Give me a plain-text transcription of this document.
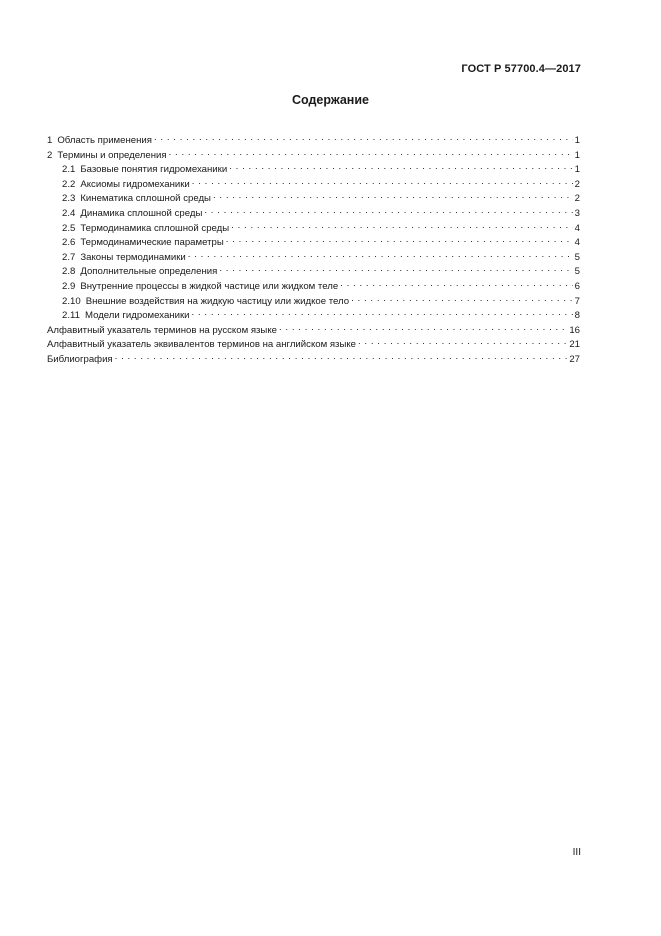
ГОСТ Р 57700.4—2017
Содержание
1 Область применения . . .	1
2 Термины и определения . . .	1
2.1 Базовые понятия гидромеханики . . .	1
2.2 Аксиомы гидромеханики . . .	2
2.3 Кинематика сплошной среды . . .	2
2.4 Динамика сплошной среды . . .	3
2.5 Термодинамика сплошной среды . . .	4
2.6 Термодинамические параметры . . .	4
2.7 Законы термодинамики . . .	5
2.8 Дополнительные определения . . .	5
2.9 Внутренние процессы в жидкой частице или жидком теле . . .	6
2.10 Внешние воздействия на жидкую частицу или жидкое тело . . .	7
2.11 Модели гидромеханики . . .	8
Алфавитный указатель терминов на русском языке . . .	16
Алфавитный указатель эквивалентов терминов на английском языке . . .	21
Библиография . . .	27
III
